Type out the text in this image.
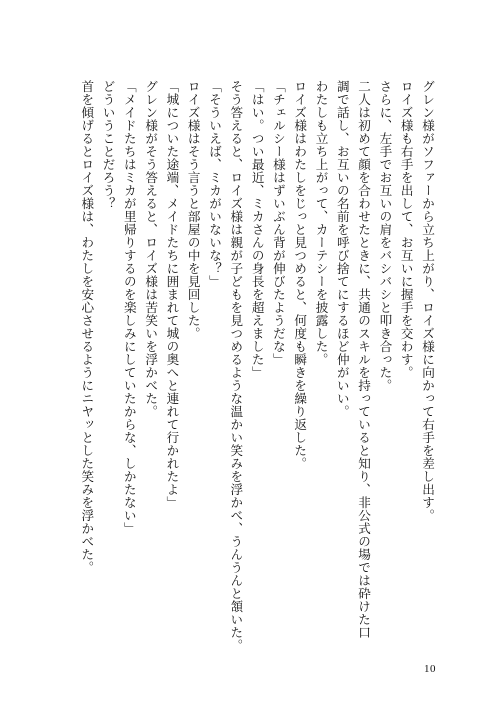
グレン様がソファーから立ち上がり、ロイズ様に向かって右手を差し出す。
ロイズ様も右手を出して、お互いに握手を交わす。
さらに、左手でお互いの肩をバシバシと叩き合った。
二人は初めて顔を合わせたときに、共通のスキルを持っていると知り、非公式の場では砕けた口
調で話し、お互いの名前を呼び捨てにするほど仲がいい。
わたしも立ち上がって、カーテシーを披露した。
ロイズ様はわたしをじっと見つめると、何度も瞬きを繰り返した。
「チェルシー様はずいぶん背が伸びたようだな」
「はい。つい最近、ミカさんの身長を超えました」
そう答えると、ロイズ様は親が子どもを見つめるような温かい笑みを浮かべ、うんうんと頷いた。
「そういえば、ミカがいないな？」
ロイズ様はそう言うと部屋の中を見回した。
「城についた途端、メイドたちに囲まれて城の奥へと連れて行かれたよ」
グレン様がそう答えると、ロイズ様は苦笑いを浮かべた。
「メイドたちはミカが里帰りするのを楽しみにしていたからな、しかたない」
どういうことだろう？
首を傾げるとロイズ様は、わたしを安心させるようにニヤッとした笑みを浮かべた。
10
